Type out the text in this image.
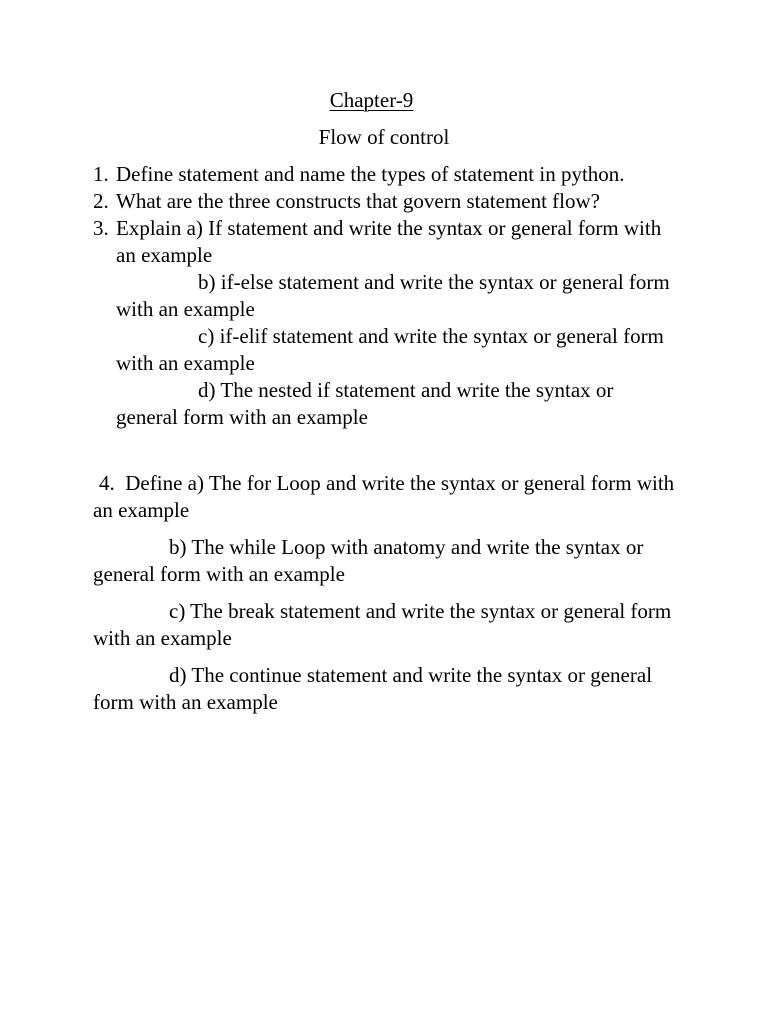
Chapter-9
Flow of control
1. Define statement and name the types of statement in python.
2. What are the three constructs that govern statement flow?
3. Explain a) If statement and write the syntax or general form with an example
b) if-else statement and write the syntax or general form with an example
c) if-elif statement and write the syntax or general form with an example
d) The nested if statement and write the syntax or general form with an example
4. Define a) The for Loop and write the syntax or general form with an example
b) The while Loop with anatomy and write the syntax or general form with an example
c) The break statement and write the syntax or general form with an example
d) The continue statement and write the syntax or general form with an example
